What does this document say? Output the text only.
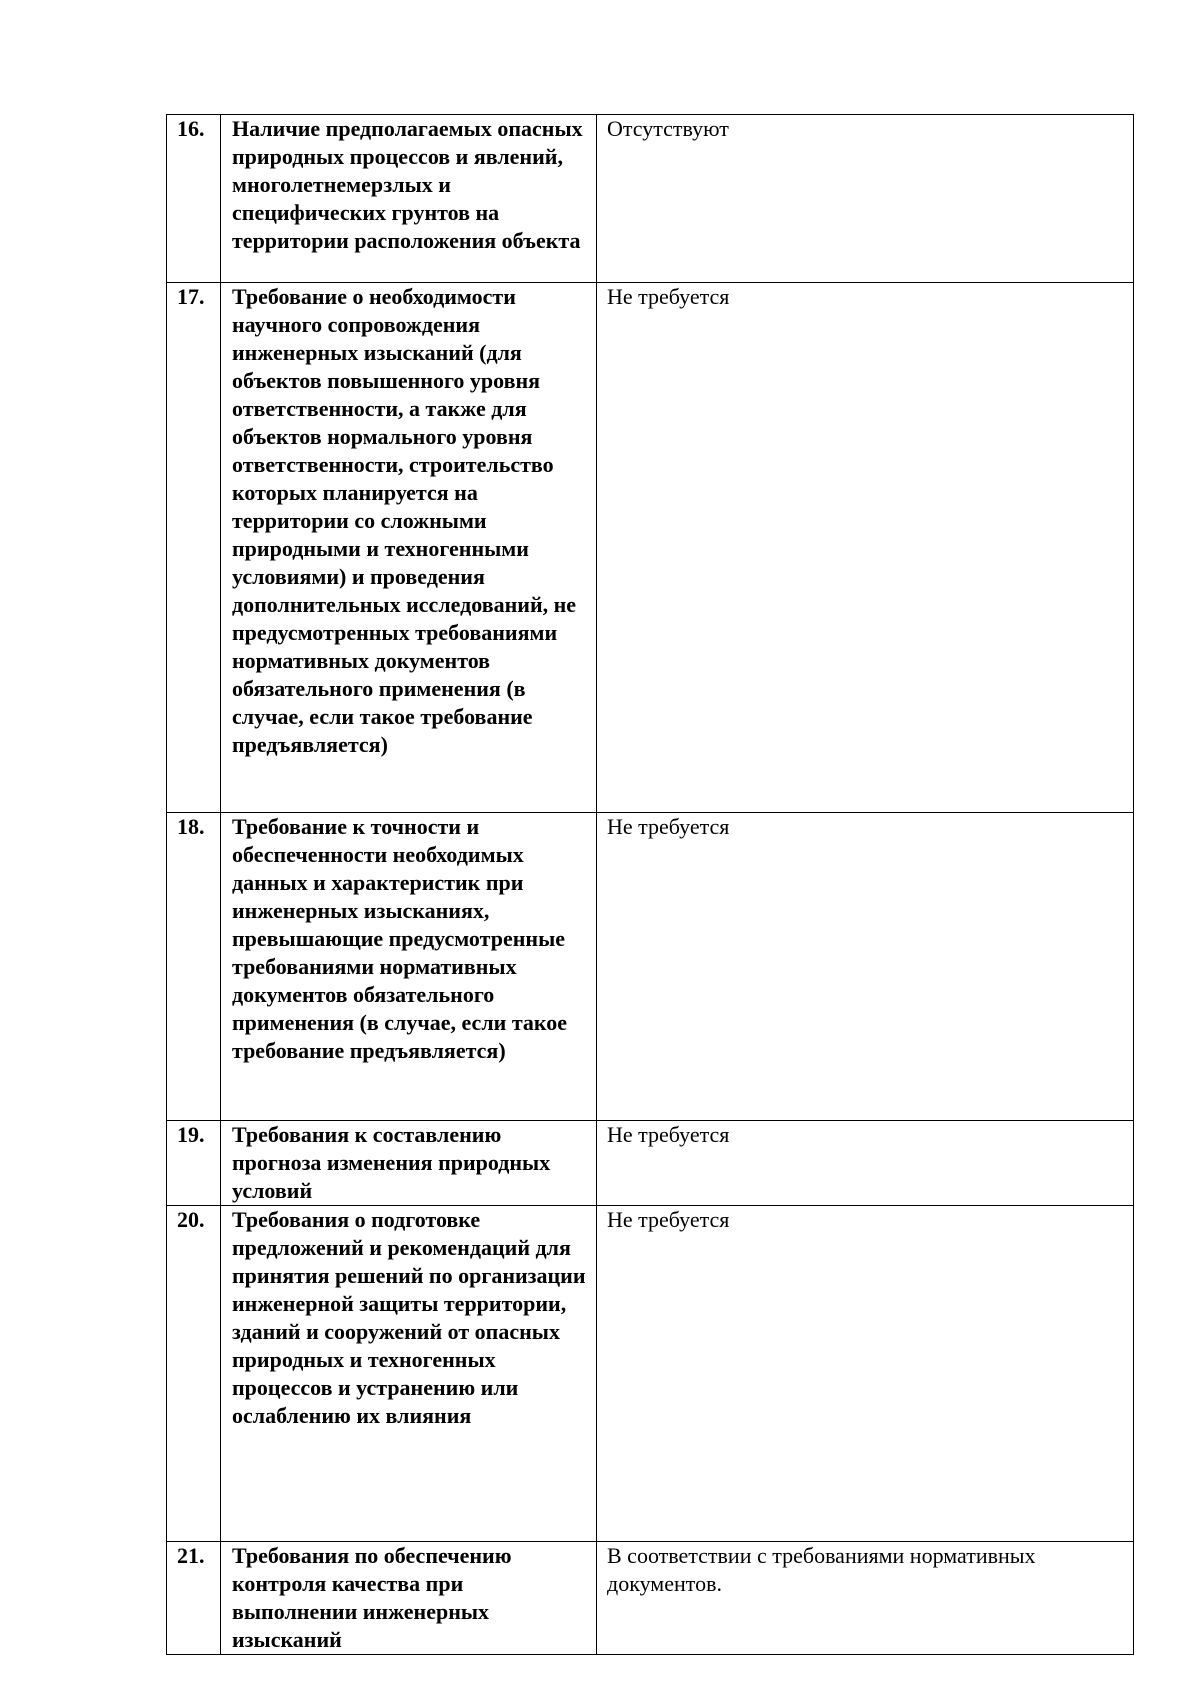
16.	Наличие предполагаемых опасных природных процессов и явлений, многолетнемерзлых и специфических грунтов на территории расположения объекта	Отсутствуют

17.	Требование о необходимости научного сопровождения инженерных изысканий (для объектов повышенного уровня ответственности, а также для объектов нормального уровня ответственности, строительство которых планируется на территории со сложными природными и техногенными условиями) и проведения дополнительных исследований, не предусмотренных требованиями нормативных документов обязательного применения (в случае, если такое требование предъявляется)	Не требуется

18.	Требование к точности и обеспеченности необходимых данных и характеристик при инженерных изысканиях, превышающие предусмотренные требованиями нормативных документов обязательного применения (в случае, если такое требование предъявляется)	Не требуется

19.	Требования к составлению прогноза изменения природных условий	Не требуется

20.	Требования о подготовке предложений и рекомендаций для принятия решений по организации инженерной защиты территории, зданий и сооружений от опасных природных и техногенных процессов и устранению или ослаблению их влияния	Не требуется

21.	Требования по обеспечению контроля качества при выполнении инженерных изысканий	В соответствии с требованиями нормативных документов.
